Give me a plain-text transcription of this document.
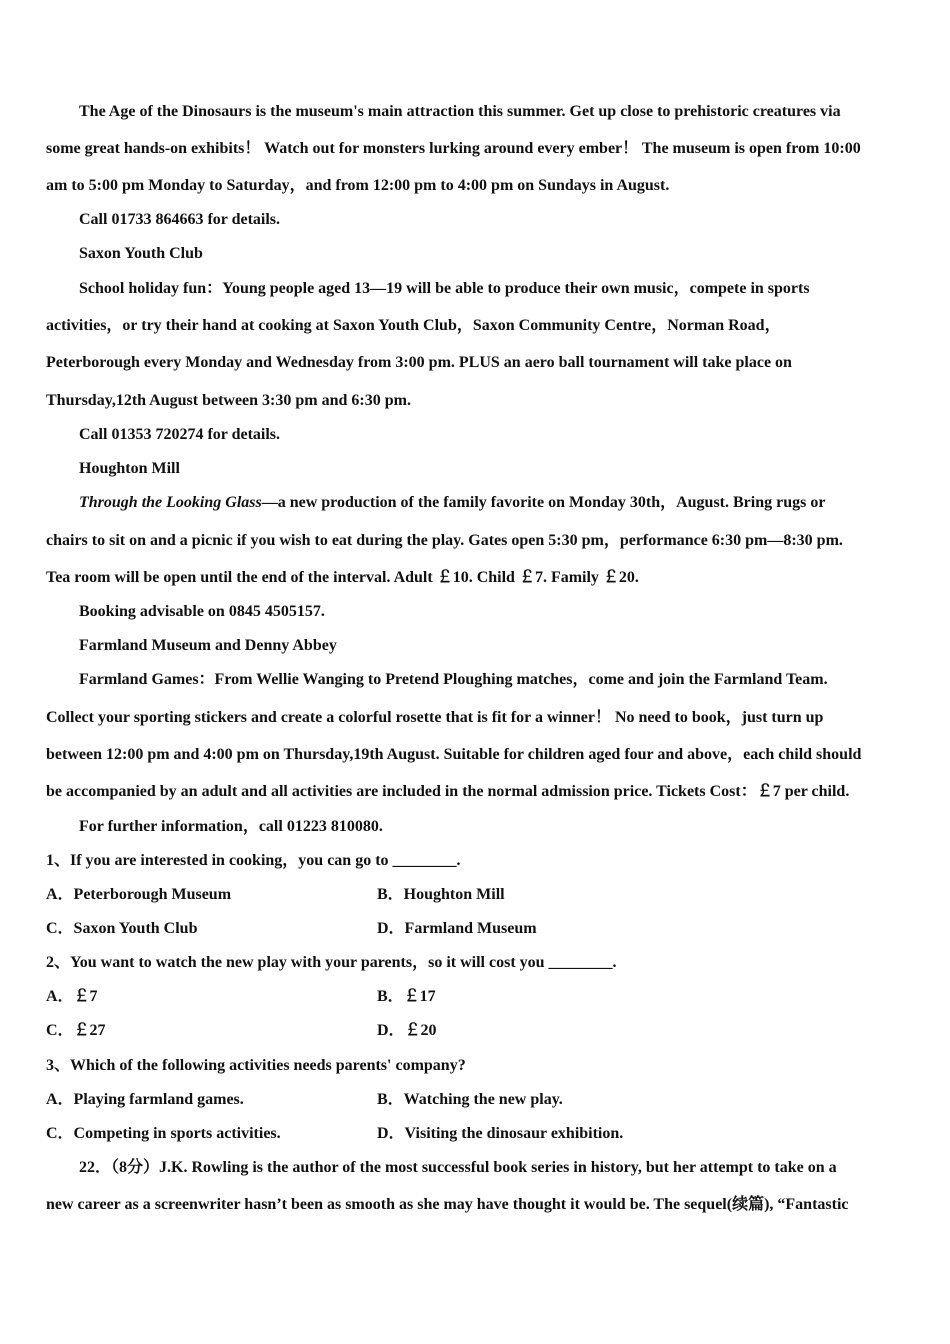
The Age of the Dinosaurs is the museum's main attraction this summer. Get up close to prehistoric creatures via
some great hands-on exhibits！ Watch out for monsters lurking around every ember！ The museum is open from 10:00
am to 5:00 pm Monday to Saturday，and from 12:00 pm to 4:00 pm on Sundays in August.
Call 01733 864663 for details.
Saxon Youth Club
School holiday fun：Young people aged 13—19 will be able to produce their own music，compete in sports
activities，or try their hand at cooking at Saxon Youth Club，Saxon Community Centre，Norman Road，
Peterborough every Monday and Wednesday from 3:00 pm. PLUS an aero ball tournament will take place on
Thursday,12th August between 3:30 pm and 6:30 pm.
Call 01353 720274 for details.
Houghton Mill
Through the Looking Glass—a new production of the family favorite on Monday 30th，August. Bring rugs or
chairs to sit on and a picnic if you wish to eat during the play. Gates open 5:30 pm，performance 6:30 pm—8:30 pm.
Tea room will be open until the end of the interval. Adult ￡10. Child ￡7. Family ￡20.
Booking advisable on 0845 4505157.
Farmland Museum and Denny Abbey
Farmland Games：From Wellie Wanging to Pretend Ploughing matches，come and join the Farmland Team.
Collect your sporting stickers and create a colorful rosette that is fit for a winner！ No need to book，just turn up
between 12:00 pm and 4:00 pm on Thursday,19th August. Suitable for children aged four and above，each child should
be accompanied by an adult and all activities are included in the normal admission price. Tickets Cost：￡7 per child.
For further information，call 01223 810080.
1、If you are interested in cooking，you can go to ________.
A．Peterborough Museum	B．Houghton Mill
C．Saxon Youth Club	D．Farmland Museum
2、You want to watch the new play with your parents，so it will cost you ________.
A．￡7	B．￡17
C．￡27	D．￡20
3、Which of the following activities needs parents' company?
A．Playing farmland games.	B．Watching the new play.
C．Competing in sports activities.	D．Visiting the dinosaur exhibition.
22．（8分）J.K. Rowling is the author of the most successful book series in history, but her attempt to take on a
new career as a screenwriter hasn’t been as smooth as she may have thought it would be. The sequel(续篇), “Fantastic
